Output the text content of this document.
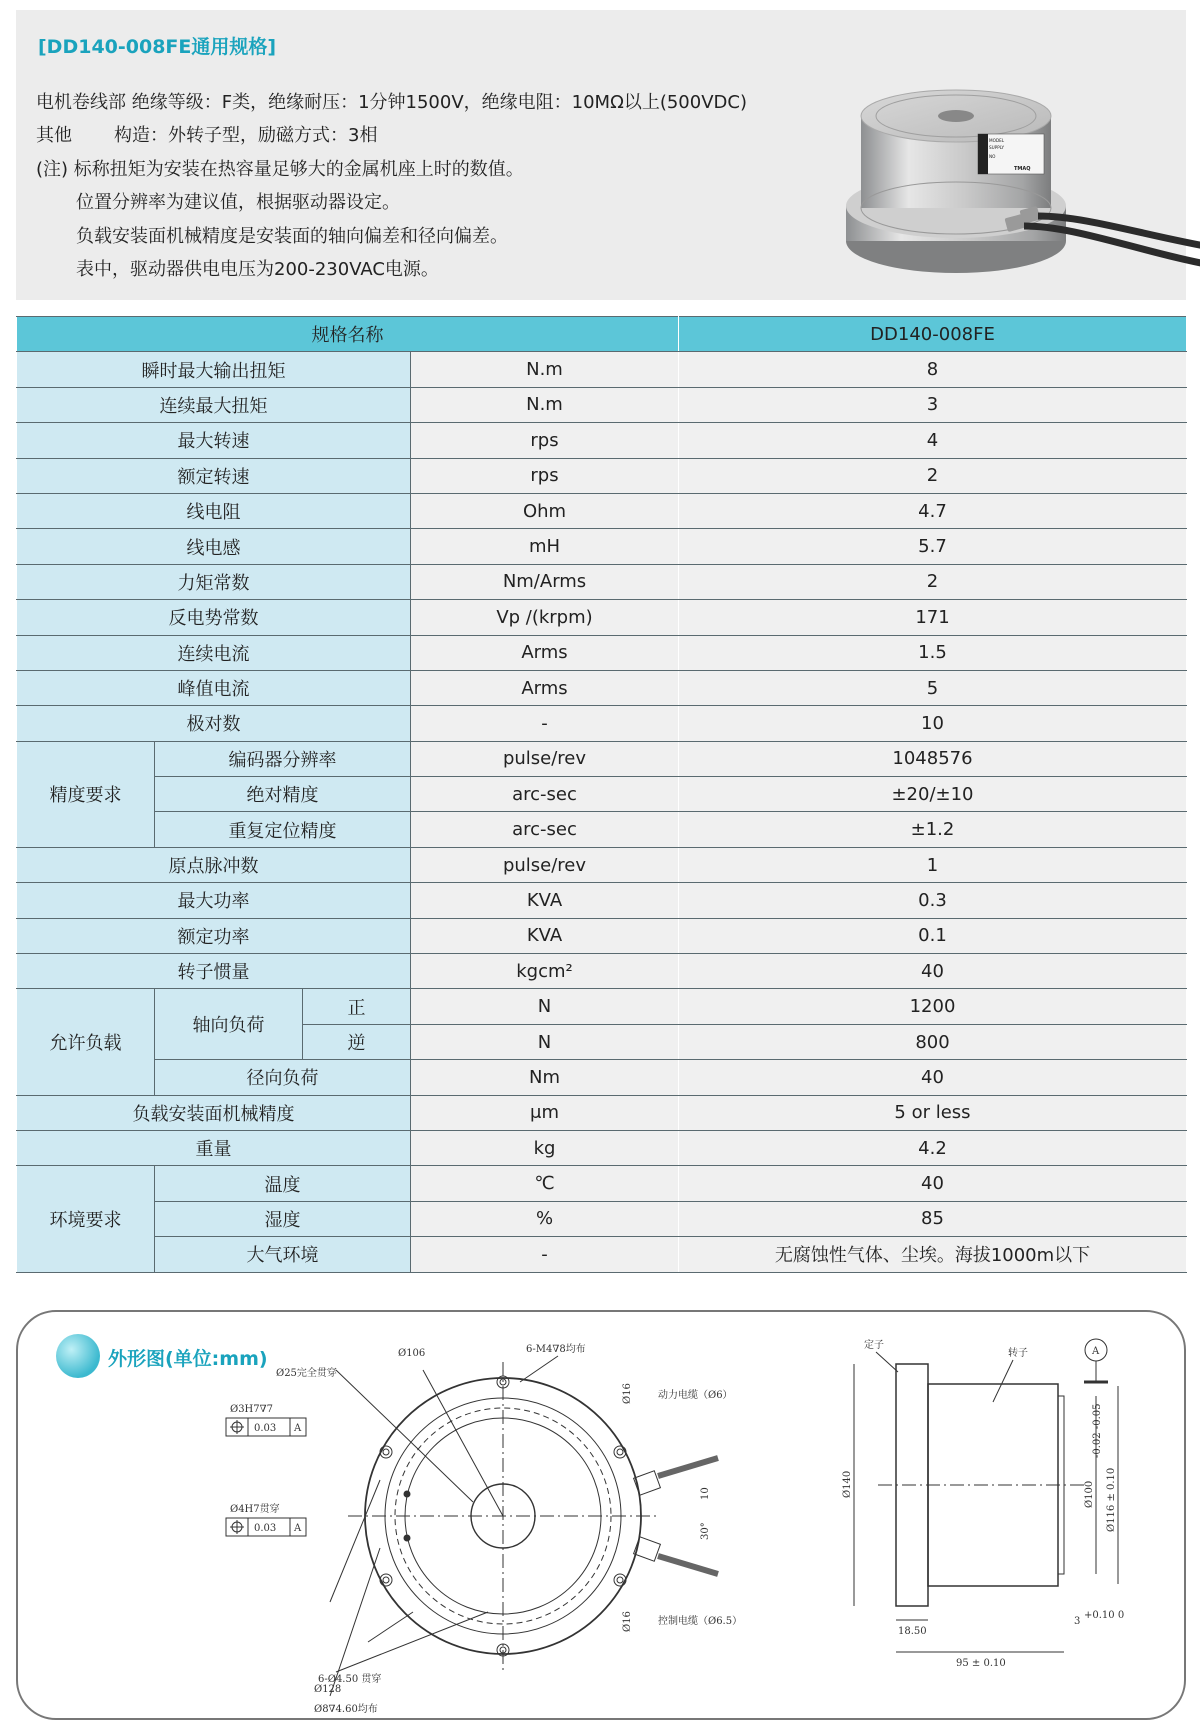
[DD140-008FE通用规格]
电机卷线部 绝缘等级：F类，绝缘耐压：1分钟1500V，绝缘电阻：10MΩ以上(500VDC)
其他 构造：外转子型，励磁方式：3相
(注) 标称扭矩为安装在热容量足够大的金属机座上时的数值。
位置分辨率为建议值，根据驱动器设定。
负载安装面机械精度是安装面的轴向偏差和径向偏差。
表中，驱动器供电电压为200-230VAC电源。
MODEL
SUPPLY
NO
TMAQ
规格名称				DD140-008FE
瞬时最大输出扭矩			N.m	8
连续最大扭矩			N.m	3
最大转速			rps	4
额定转速			rps	2
线电阻			Ohm	4.7
线电感			mH	5.7
力矩常数			Nm/Arms	2
反电势常数			Vp /(krpm)	171
连续电流			Arms	1.5
峰值电流			Arms	5
极对数			-	10
精度要求	编码器分辨率		pulse/rev	1048576
	绝对精度		arc-sec	±20/±10
	重复定位精度		arc-sec	±1.2
原点脉冲数			pulse/rev	1
最大功率			KVA	0.3
额定功率			KVA	0.1
转子惯量			kgcm²	40
允许负载	轴向负荷	正	N	1200
		逆	N	800
	径向负荷		Nm	40
负载安装面机械精度			μm	5 or less
重量			kg	4.2
环境要求	温度		℃	40
	湿度		%	85
	大气环境		-	无腐蚀性气体、尘埃。海拔1000m以下
外形图(单位:mm)	Ø106	6-M4∇8均布
Ø25完全贯穿
Ø3H7∇7
0.03 A
Ø4H7贯穿
0.03 A
Ø16	动力电缆（Ø6）
10
30°
Ø16	控制电缆（Ø6.5）
Ø128
6-Ø4.50 贯穿
Ø8∇4.60均布
定子
转子	A
Ø140	Ø100
-0.02 -0.05
Ø116 ± 0.10
18.50
3
+0.10 0
95 ± 0.10
